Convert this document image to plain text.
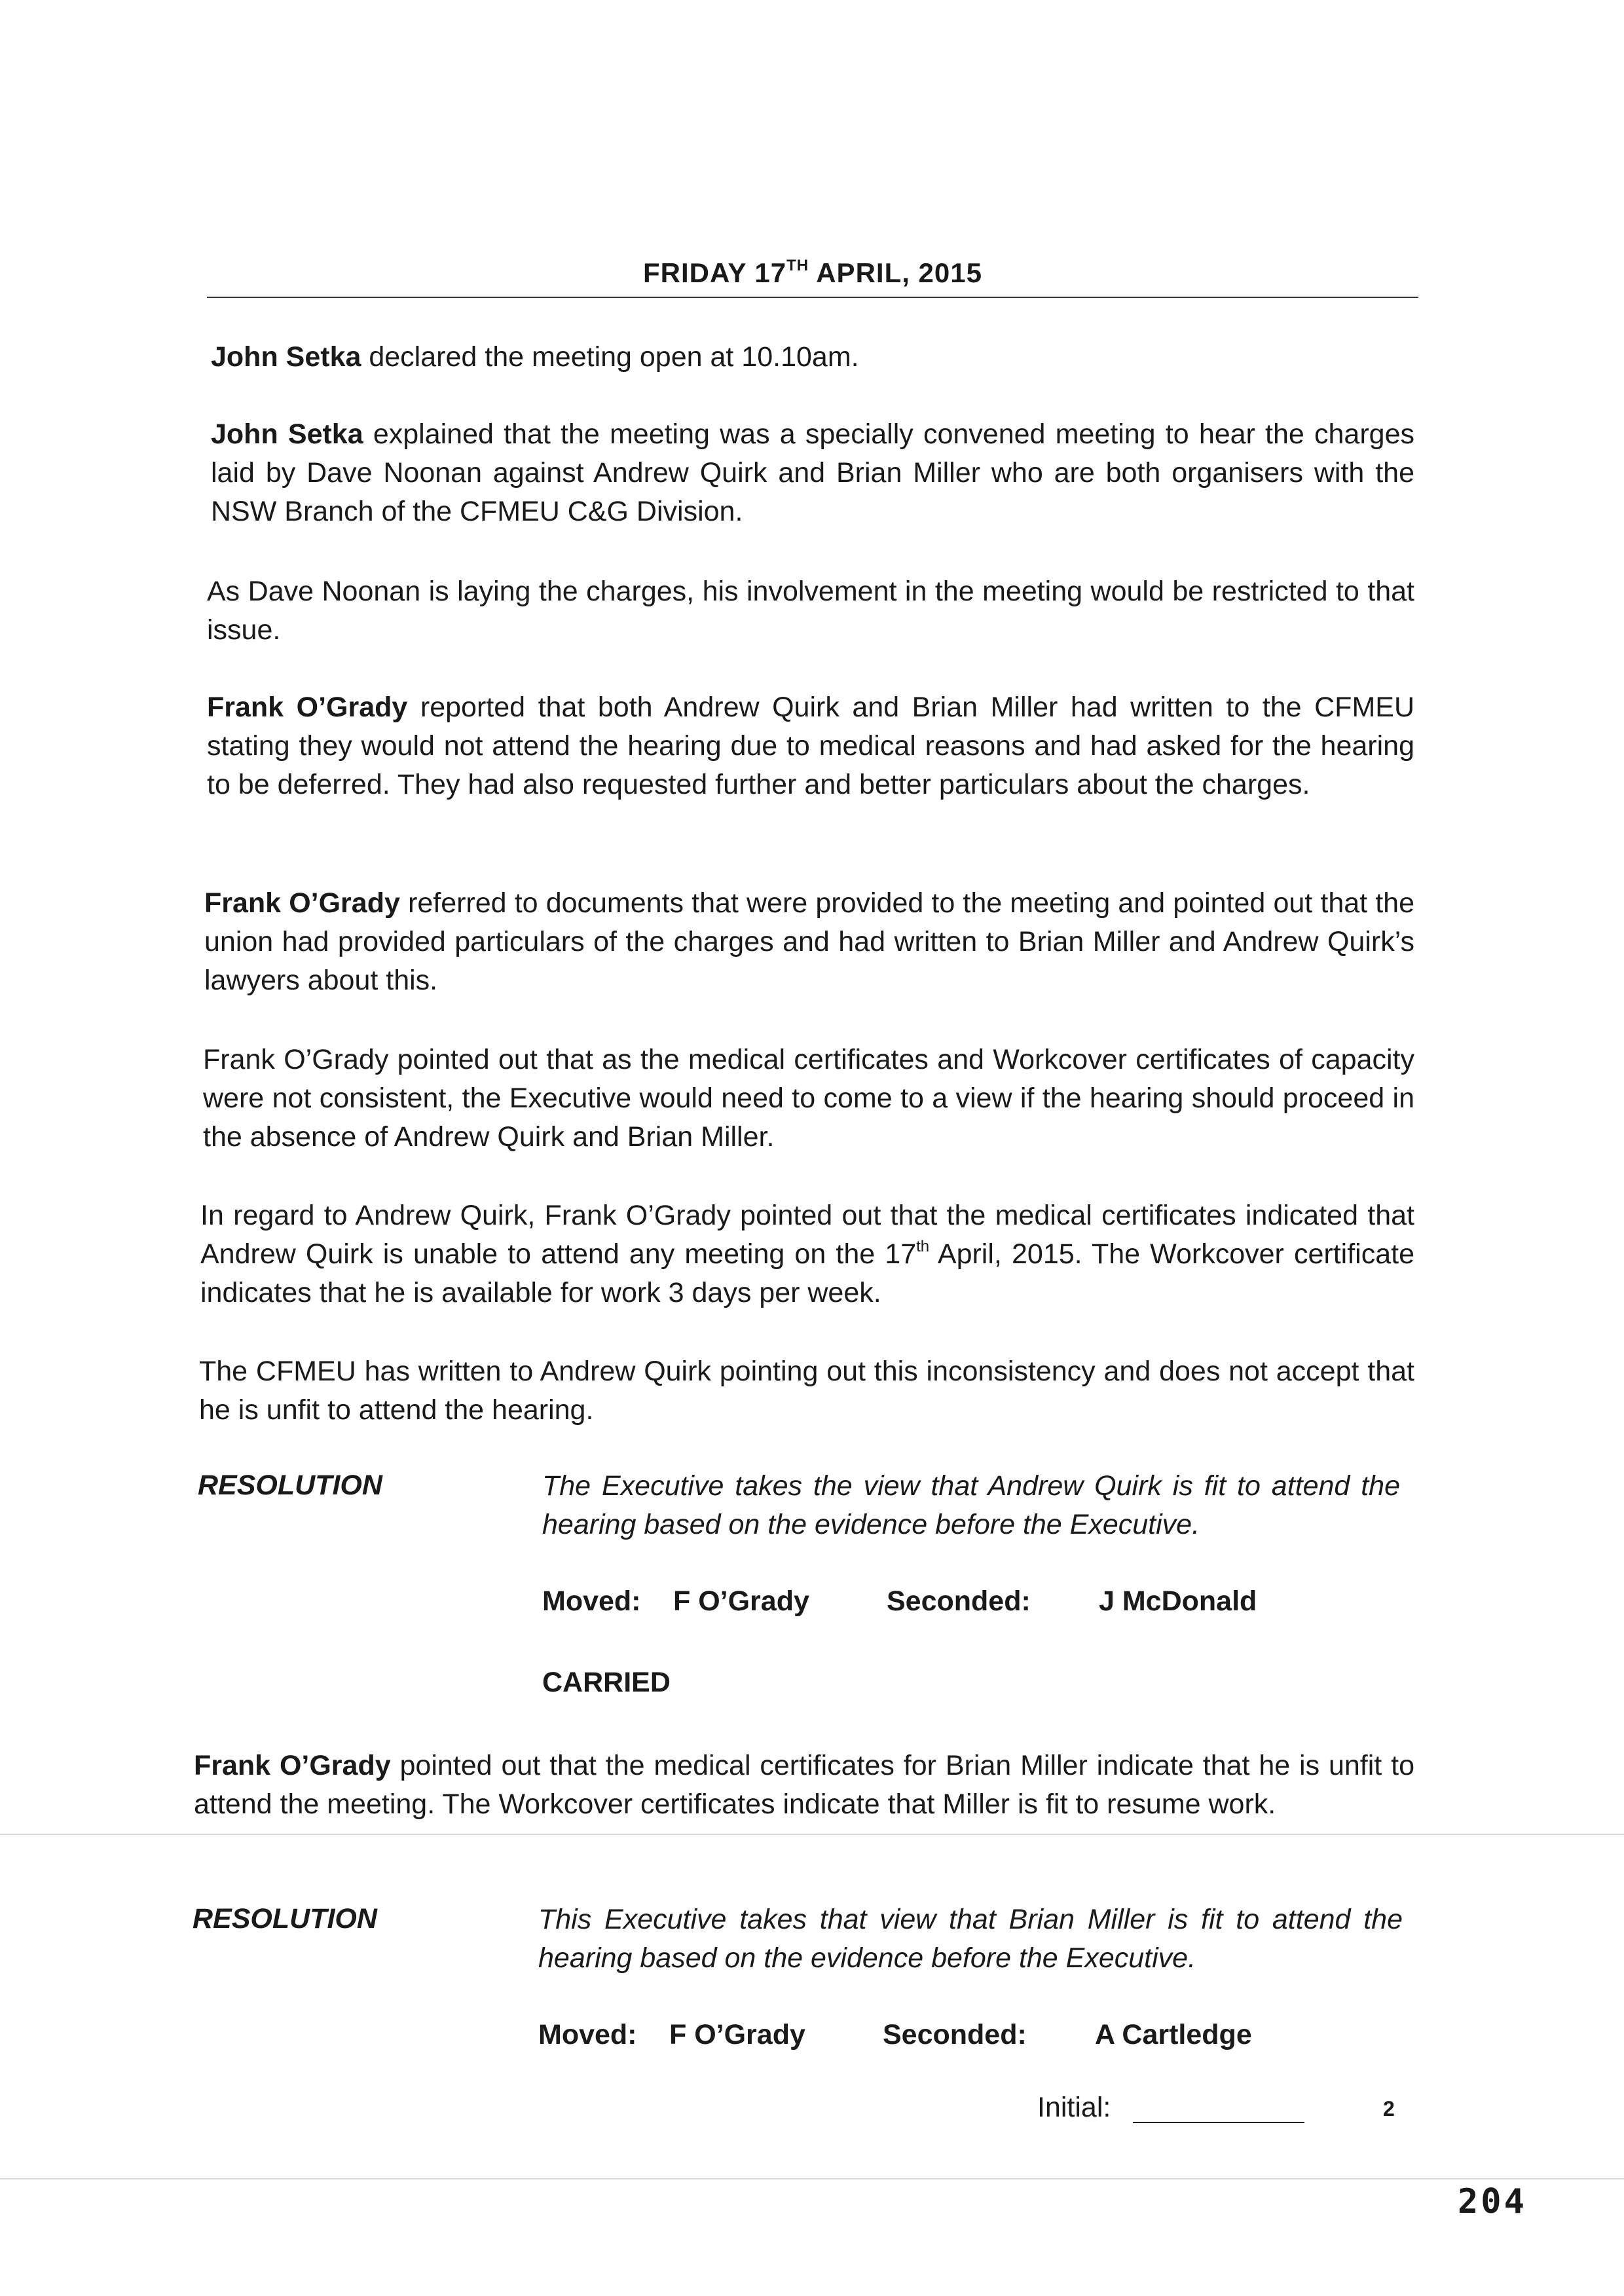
FRIDAY 17TH APRIL, 2015
John Setka declared the meeting open at 10.10am.
John Setka explained that the meeting was a specially convened meeting to hear the charges laid by Dave Noonan against Andrew Quirk and Brian Miller who are both organisers with the NSW Branch of the CFMEU C&G Division.
As Dave Noonan is laying the charges, his involvement in the meeting would be restricted to that issue.
Frank O’Grady reported that both Andrew Quirk and Brian Miller had written to the CFMEU stating they would not attend the hearing due to medical reasons and had asked for the hearing to be deferred. They had also requested further and better particulars about the charges.
Frank O’Grady referred to documents that were provided to the meeting and pointed out that the union had provided particulars of the charges and had written to Brian Miller and Andrew Quirk’s lawyers about this.
Frank O’Grady pointed out that as the medical certificates and Workcover certificates of capacity were not consistent, the Executive would need to come to a view if the hearing should proceed in the absence of Andrew Quirk and Brian Miller.
In regard to Andrew Quirk, Frank O’Grady pointed out that the medical certificates indicated that Andrew Quirk is unable to attend any meeting on the 17th April, 2015. The Workcover certificate indicates that he is available for work 3 days per week.
The CFMEU has written to Andrew Quirk pointing out this inconsistency and does not accept that he is unfit to attend the hearing.
RESOLUTION	The Executive takes the view that Andrew Quirk is fit to attend the hearing based on the evidence before the Executive.
Moved: F O’Grady	Seconded: J McDonald
CARRIED
Frank O’Grady pointed out that the medical certificates for Brian Miller indicate that he is unfit to attend the meeting. The Workcover certificates indicate that Miller is fit to resume work.
RESOLUTION	This Executive takes that view that Brian Miller is fit to attend the hearing based on the evidence before the Executive.
Moved: F O’Grady	Seconded: A Cartledge
Initial:	2
204
